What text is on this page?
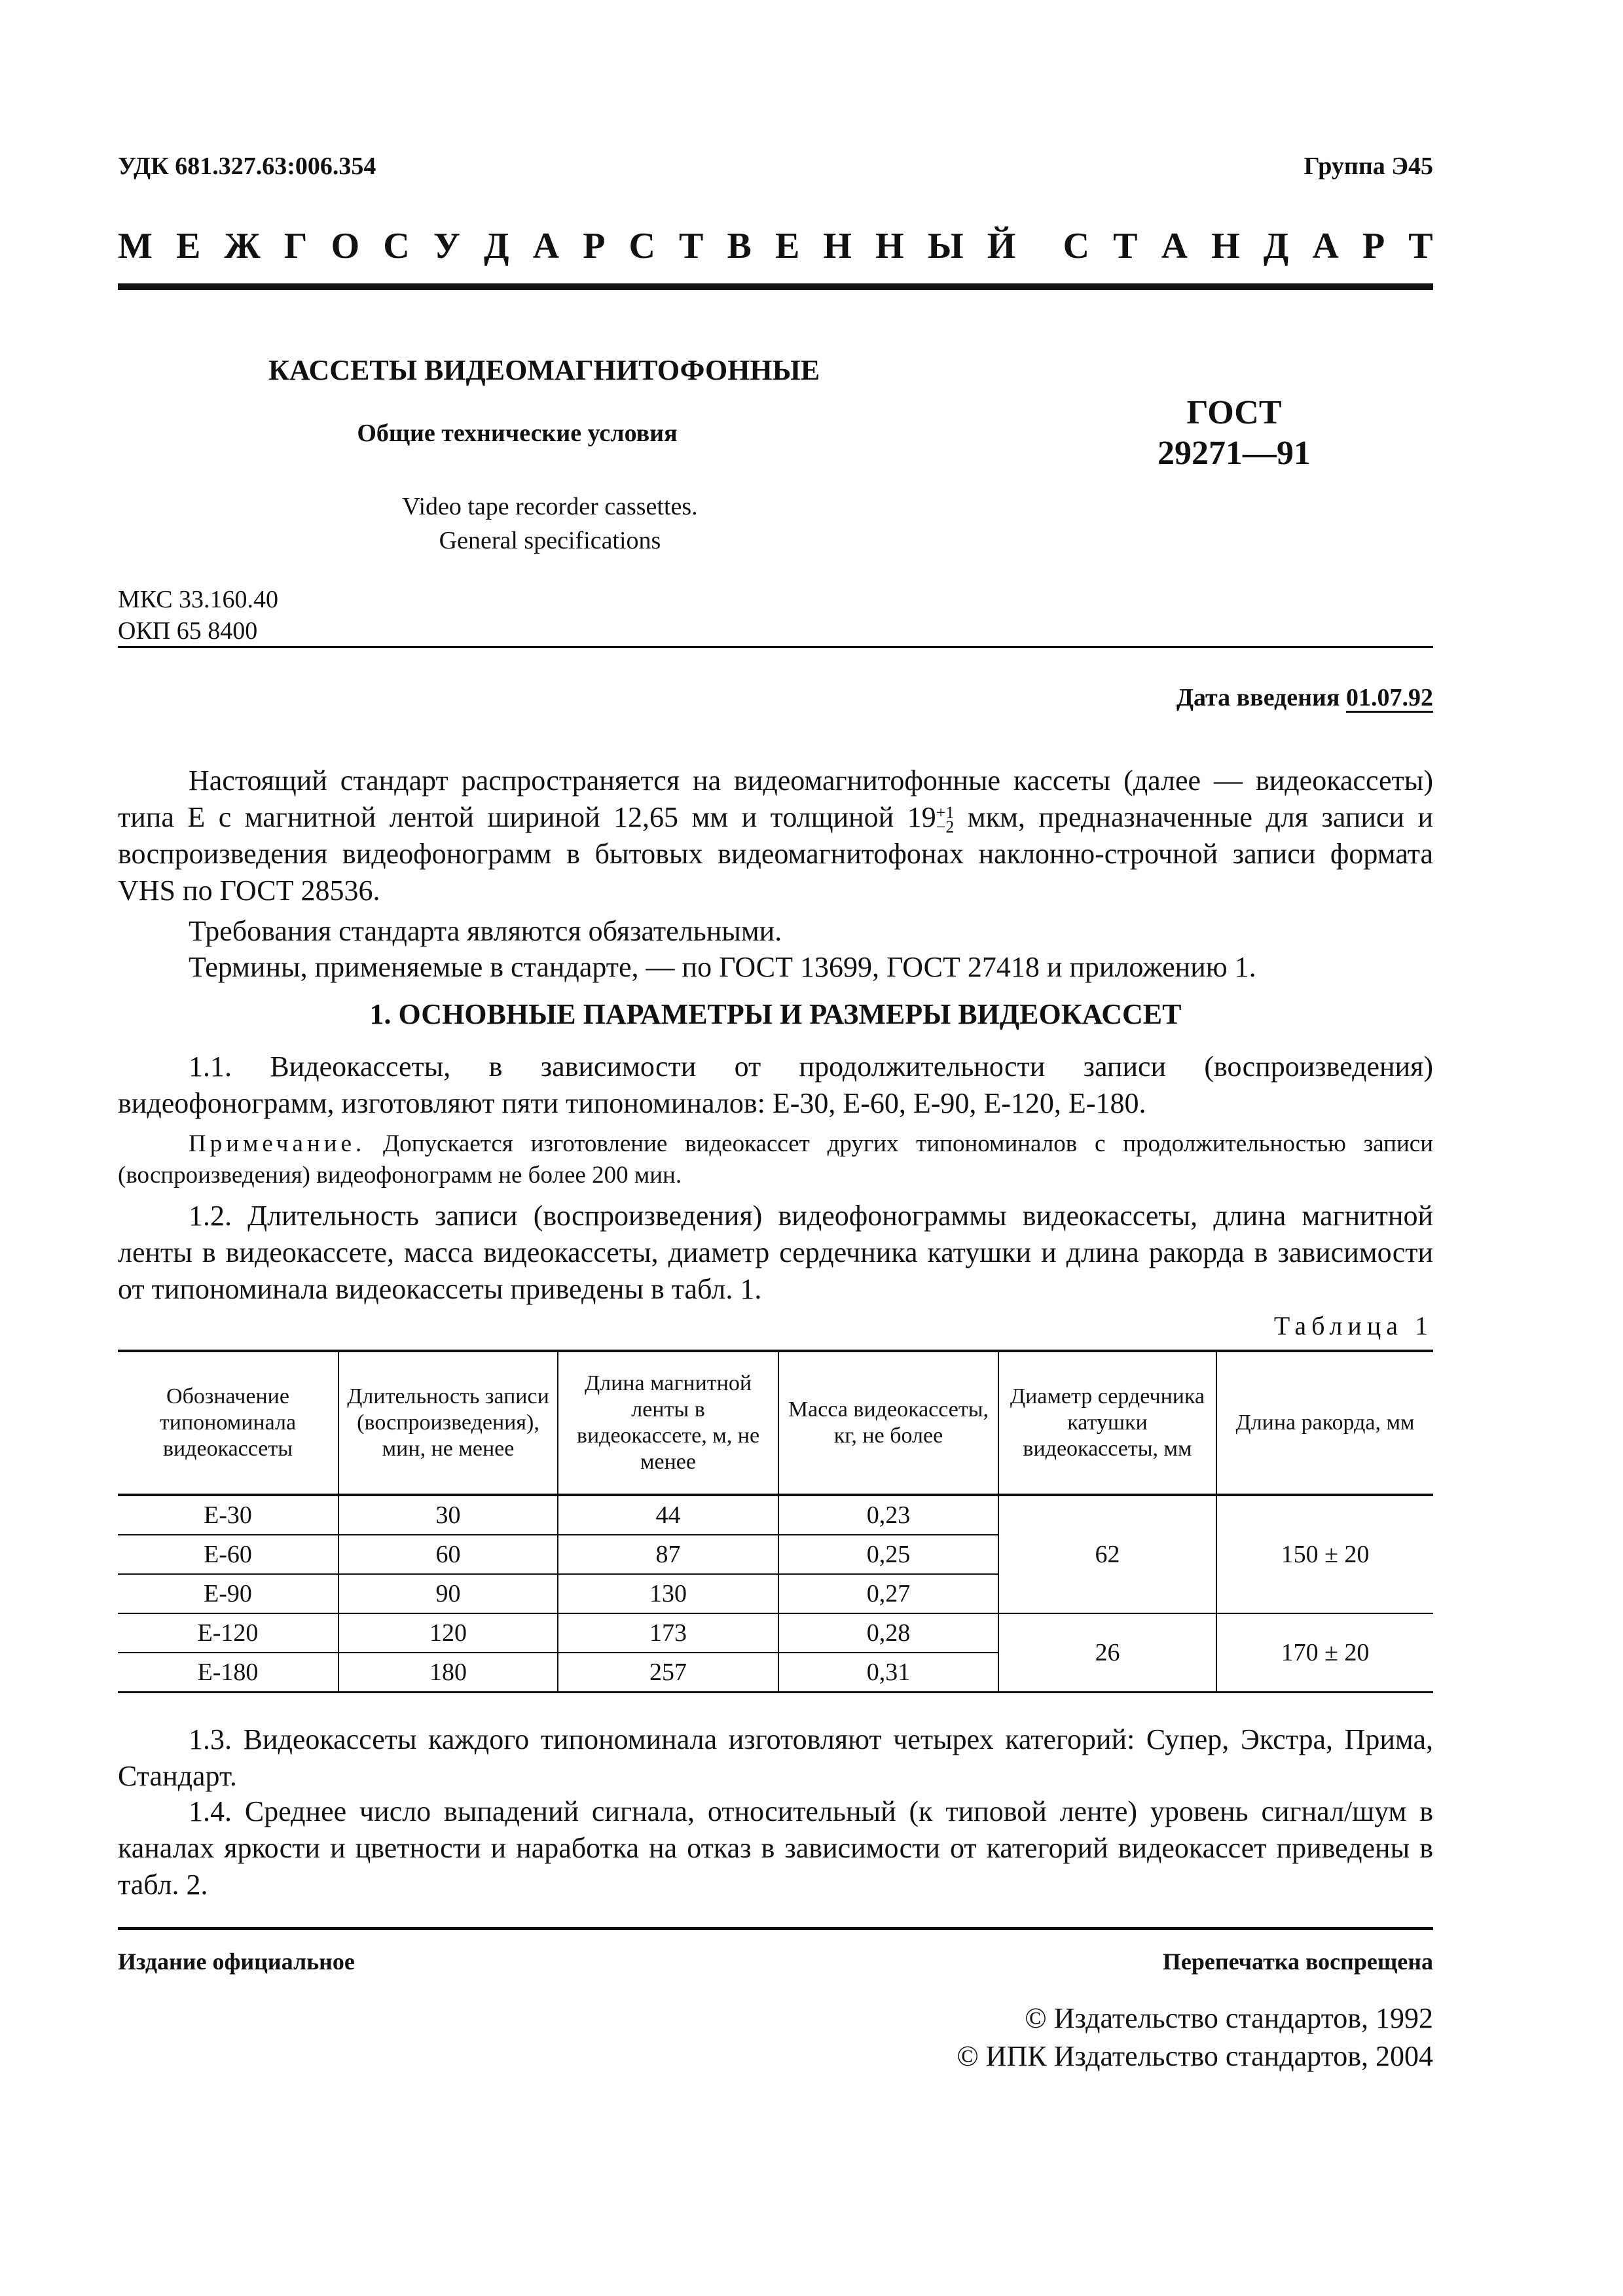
УДК 681.327.63:006.354	Группа Э45
М Е Ж Г О С У Д А Р С Т В Е Н Н Ы Й С Т А Н Д А Р Т
КАССЕТЫ ВИДЕОМАГНИТОФОННЫЕ
Общие технические условия
Video tape recorder cassettes.
General specifications
ГОСТ
29271—91
МКС 33.160.40
ОКП 65 8400
Дата введения 01.07.92

Настоящий стандарт распространяется на видеомагнитофонные кассеты (далее — видеокассеты) типа Е с магнитной лентой шириной 12,65 мм и толщиной 19 +1
−2 мкм, предназначенные для записи и воспроизведения видеофонограмм в бытовых видеомагнитофонах наклонно-строчной записи формата VHS по ГОСТ 28536.

Требования стандарта являются обязательными.

Термины, применяемые в стандарте, — по ГОСТ 13699, ГОСТ 27418 и приложению 1.

1. ОСНОВНЫЕ ПАРАМЕТРЫ И РАЗМЕРЫ ВИДЕОКАССЕТ

1.1. Видеокассеты, в зависимости от продолжительности записи (воспроизведения) видеофонограмм, изготовляют пяти типономиналов: Е-30, Е-60, Е-90, Е-120, Е-180.

Примечание. Допускается изготовление видеокассет других типономиналов с продолжительностью записи (воспроизведения) видеофонограмм не более 200 мин.

1.2. Длительность записи (воспроизведения) видеофонограммы видеокассеты, длина магнитной ленты в видеокассете, масса видеокассеты, диаметр сердечника катушки и длина ракорда в зависимости от типономинала видеокассеты приведены в табл. 1.

Таблица 1
Обозначение типономинала видеокассеты	Длительность записи (воспроизведения), мин, не менее	Длина магнитной ленты в видеокассете, м, не менее	Масса видеокассеты, кг, не более	Диаметр сердечника катушки видеокассеты, мм	Длина ракорда, мм
Е-30	30	44	0,23	62	150 ± 20
Е-60	60	87	0,25		
Е-90	90	130	0,27		
Е-120	120	173	0,28	26	170 ± 20
Е-180	180	257	0,31		

1.3. Видеокассеты каждого типономинала изготовляют четырех категорий: Супер, Экстра, Прима, Стандарт.

1.4. Среднее число выпадений сигнала, относительный (к типовой ленте) уровень сигнал/шум в каналах яркости и цветности и наработка на отказ в зависимости от категорий видеокассет приведены в табл. 2.

Издание официальное	Перепечатка воспрещена
© Издательство стандартов, 1992
© ИПК Издательство стандартов, 2004
